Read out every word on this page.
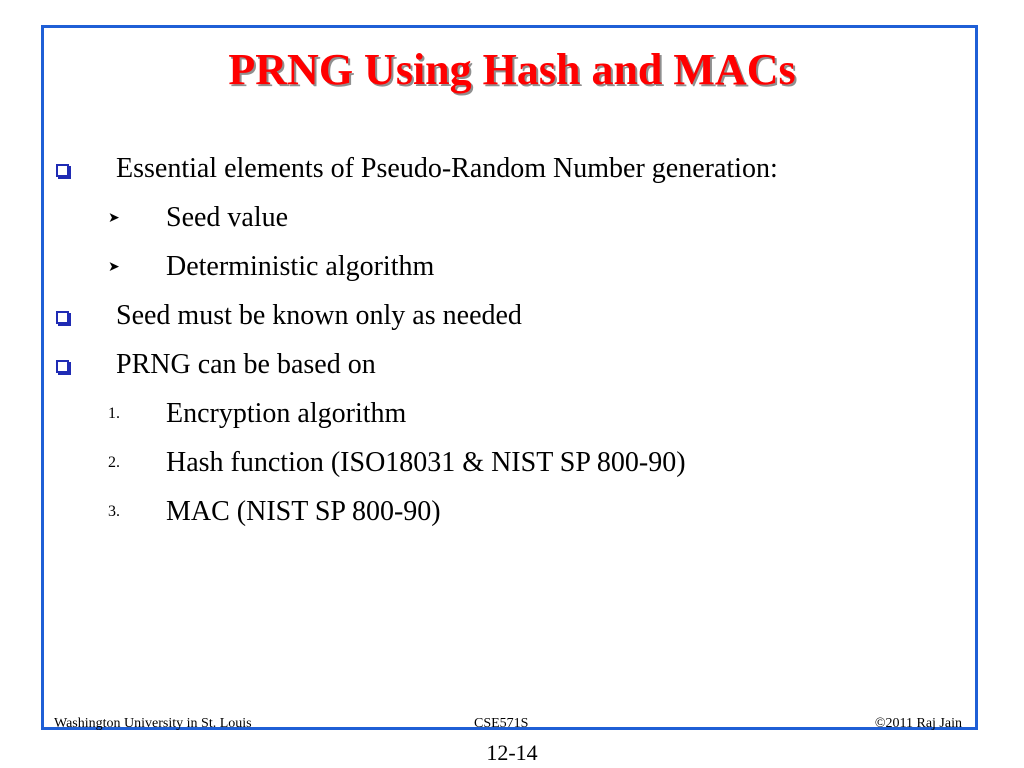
PRNG Using Hash and MACs
Essential elements of Pseudo-Random Number generation:
➤ Seed value
➤ Deterministic algorithm
Seed must be known only as needed
PRNG can be based on
1. Encryption algorithm
2. Hash function (ISO18031 & NIST SP 800-90)
3. MAC (NIST SP 800-90)
Washington University in St. Louis	CSE571S	©2011 Raj Jain
12-14
